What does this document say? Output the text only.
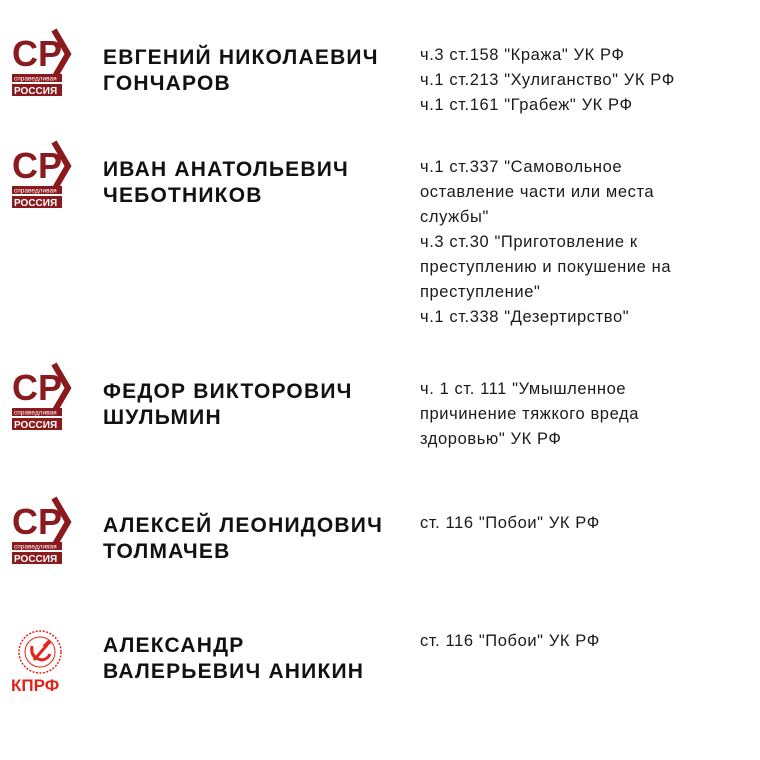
СР
справедливая
РОССИЯ
ЕВГЕНИЙ НИКОЛАЕВИЧ
ГОНЧАРОВ
ч.3 ст.158 "Кража" УК РФ
ч.1 ст.213 "Хулиганство" УК РФ
ч.1 ст.161 "Грабеж" УК РФ
СР
справедливая
РОССИЯ
ИВАН АНАТОЛЬЕВИЧ
ЧЕБОТНИКОВ
ч.1 ст.337 "Самовольное
оставление части или места
службы"
ч.3 ст.30 "Приготовление к
преступлению и покушение на
преступление"
ч.1 ст.338 "Дезертирство"
СР
справедливая
РОССИЯ
ФЕДОР ВИКТОРОВИЧ
ШУЛЬМИН
ч. 1 ст. 111 "Умышленное
причинение тяжкого вреда
здоровью" УК РФ
СР
справедливая
РОССИЯ
АЛЕКСЕЙ ЛЕОНИДОВИЧ
ТОЛМАЧЕВ
ст. 116 "Побои" УК РФ
КПРФ
АЛЕКСАНДР
ВАЛЕРЬЕВИЧ АНИКИН
ст. 116 "Побои" УК РФ
